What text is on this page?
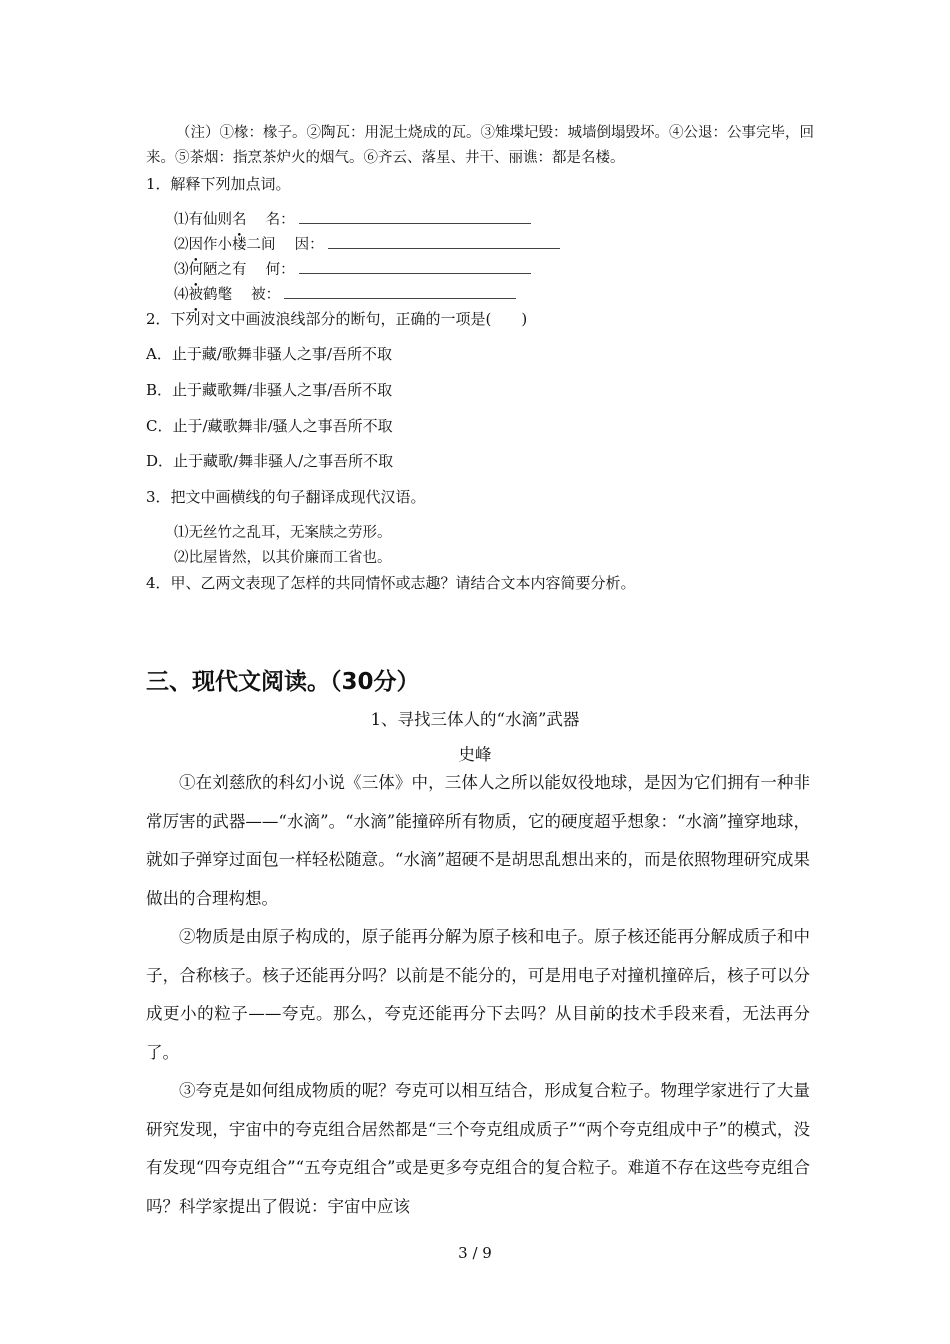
（注）①椽：椽子。②陶瓦：用泥土烧成的瓦。③雉堞圮毁：城墙倒塌毁坏。④公退：公事完毕，回来。⑤茶烟：指烹茶炉火的烟气。⑥齐云、落星、井干、丽谯：都是名楼。
1．解释下列加点词。
⑴有仙则名   名：
⑵因作小楼二间   因：
⑶何陋之有   何：
⑷被鹤氅   被：
2．下列对文中画波浪线部分的断句，正确的一项是(　　)
A．止于藏/歌舞非骚人之事/吾所不取
B．止于藏歌舞/非骚人之事/吾所不取
C．止于/藏歌舞非/骚人之事吾所不取
D．止于藏歌/舞非骚人/之事吾所不取
3．把文中画横线的句子翻译成现代汉语。
⑴无丝竹之乱耳，无案牍之劳形。
⑵比屋皆然，以其价廉而工省也。
4．甲、乙两文表现了怎样的共同情怀或志趣？请结合文本内容简要分析。
三、现代文阅读。（30分）
1、寻找三体人的“水滴”武器
史峰
①在刘慈欣的科幻小说《三体》中，三体人之所以能奴役地球，是因为它们拥有一种非常厉害的武器——“水滴”。“水滴”能撞碎所有物质，它的硬度超乎想象：“水滴”撞穿地球，就如子弹穿过面包一样轻松随意。“水滴”超硬不是胡思乱想出来的，而是依照物理研究成果做出的合理构想。
②物质是由原子构成的，原子能再分解为原子核和电子。原子核还能再分解成质子和中子，合称核子。核子还能再分吗？以前是不能分的，可是用电子对撞机撞碎后，核子可以分成更小的粒子——夸克。那么，夸克还能再分下去吗？从目 •前 •的技术手段来看，无法再分了。
③夸克是如何组成物质的呢？夸克可以相互结合，形成复合粒子。物理学家进行了大量研究发现，宇宙中的夸克组合居然都是“三个夸克组成质子”“两个夸克组成中子”的模式，没有发现“四夸克组合”“五夸克组合”或是更多夸克组合的复合粒子。难道不存在这些夸克组合吗？科学家提出了假说：宇宙中应该
3 / 9
